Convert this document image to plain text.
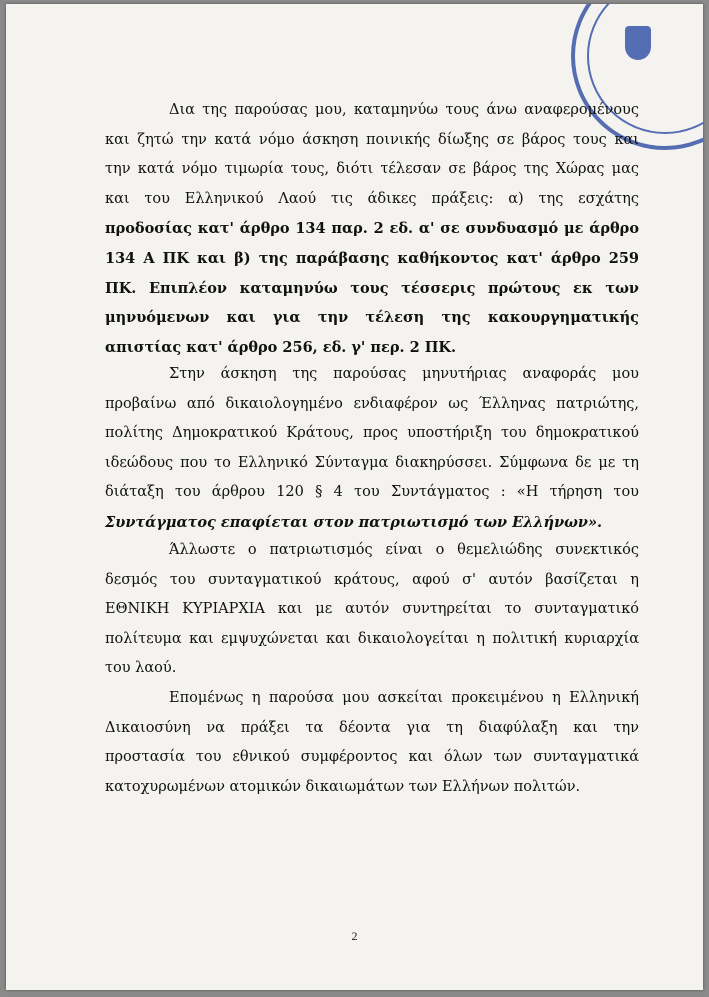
Δια της παρούσας μου, καταμηνύω τους άνω αναφερομένους
και ζητώ την κατά νόμο άσκηση ποινικής δίωξης σε βάρος τους και
την κατά νόμο τιμωρία τους, διότι τέλεσαν σε βάρος της Χώρας μας
και του Ελληνικού Λαού τις άδικες πράξεις: α) της εσχάτης
προδοσίας κατ' άρθρο 134 παρ. 2 εδ. α' σε συνδυασμό με άρθρο
134 Α ΠΚ και β) της παράβασης καθήκοντος κατ' άρθρο 259
ΠΚ. Επιπλέον καταμηνύω τους τέσσερις πρώτους εκ των
μηνυόμενων και για την τέλεση της κακουργηματικής
απιστίας κατ' άρθρο 256, εδ. γ' περ. 2 ΠΚ.
Στην άσκηση της παρούσας μηνυτήριας αναφοράς μου
προβαίνω από δικαιολογημένο ενδιαφέρον ως Έλληνας πατριώτης,
πολίτης Δημοκρατικού Κράτους, προς υποστήριξη του δημοκρατικού
ιδεώδους που το Ελληνικό Σύνταγμα διακηρύσσει. Σύμφωνα δε με τη
διάταξη του άρθρου 120 § 4 του Συντάγματος : «Η τήρηση του
Συντάγματος επαφίεται στον πατριωτισμό των Ελλήνων».
Άλλωστε ο πατριωτισμός είναι ο θεμελιώδης συνεκτικός
δεσμός του συνταγματικού κράτους, αφού σ' αυτόν βασίζεται η
ΕΘΝΙΚΗ ΚΥΡΙΑΡΧΙΑ και με αυτόν συντηρείται το συνταγματικό
πολίτευμα και εμψυχώνεται και δικαιολογείται η πολιτική κυριαρχία
του λαού.
Επομένως η παρούσα μου ασκείται προκειμένου η Ελληνική
Δικαιοσύνη να πράξει τα δέοντα για τη διαφύλαξη και την
προστασία του εθνικού συμφέροντος και όλων των συνταγματικά
κατοχυρωμένων ατομικών δικαιωμάτων των Ελλήνων πολιτών.
2
